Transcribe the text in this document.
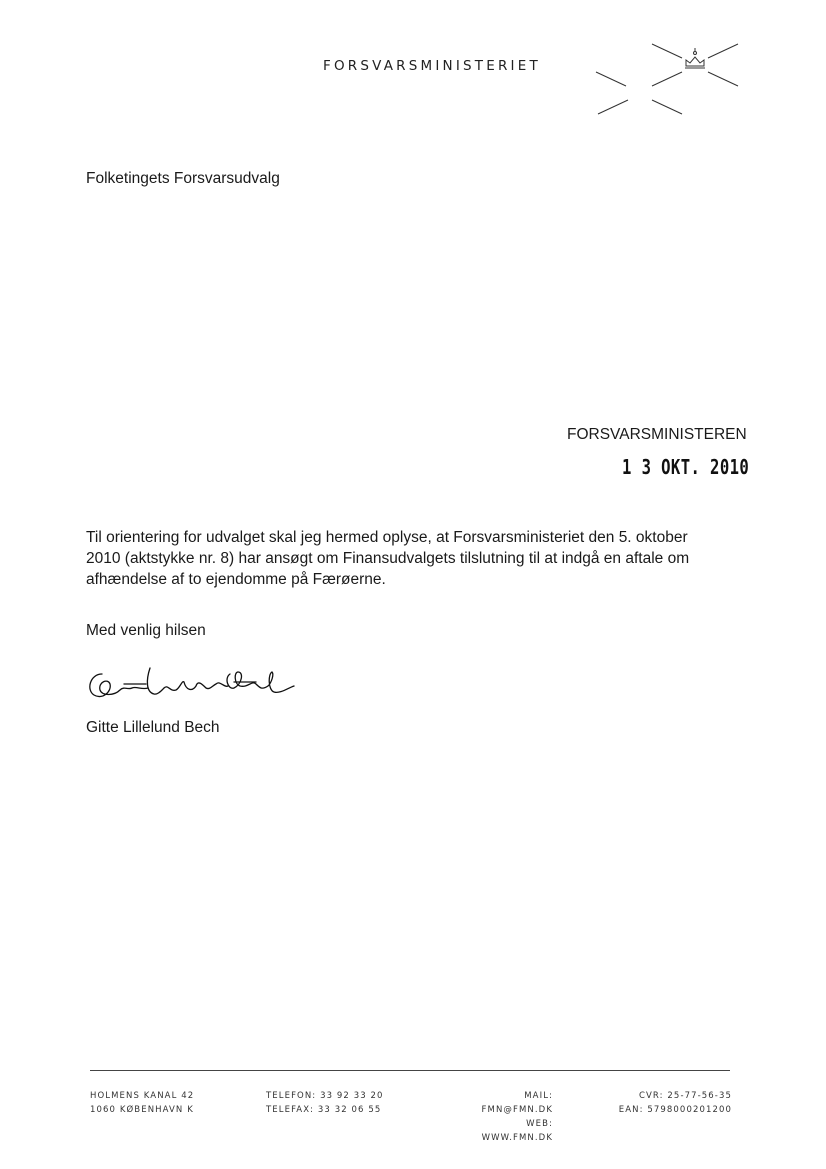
FORSVARSMINISTERIET
Folketingets Forsvarsudvalg
FORSVARSMINISTEREN
1 3 OKT. 2010
Til orientering for udvalget skal jeg hermed oplyse, at Forsvarsministeriet den 5. oktober 2010 (aktstykke nr. 8) har ansøgt om Finansudvalgets tilslutning til at indgå en aftale om afhændelse af to ejendomme på Færøerne.
Med venlig hilsen
Gitte Lillelund Bech
HOLMENS KANAL 42
1060 KØBENHAVN K
TELEFON: 33 92 33 20
TELEFAX: 33 32 06 55
MAIL: FMN@FMN.DK
WEB: WWW.FMN.DK
CVR: 25-77-56-35
EAN: 5798000201200
